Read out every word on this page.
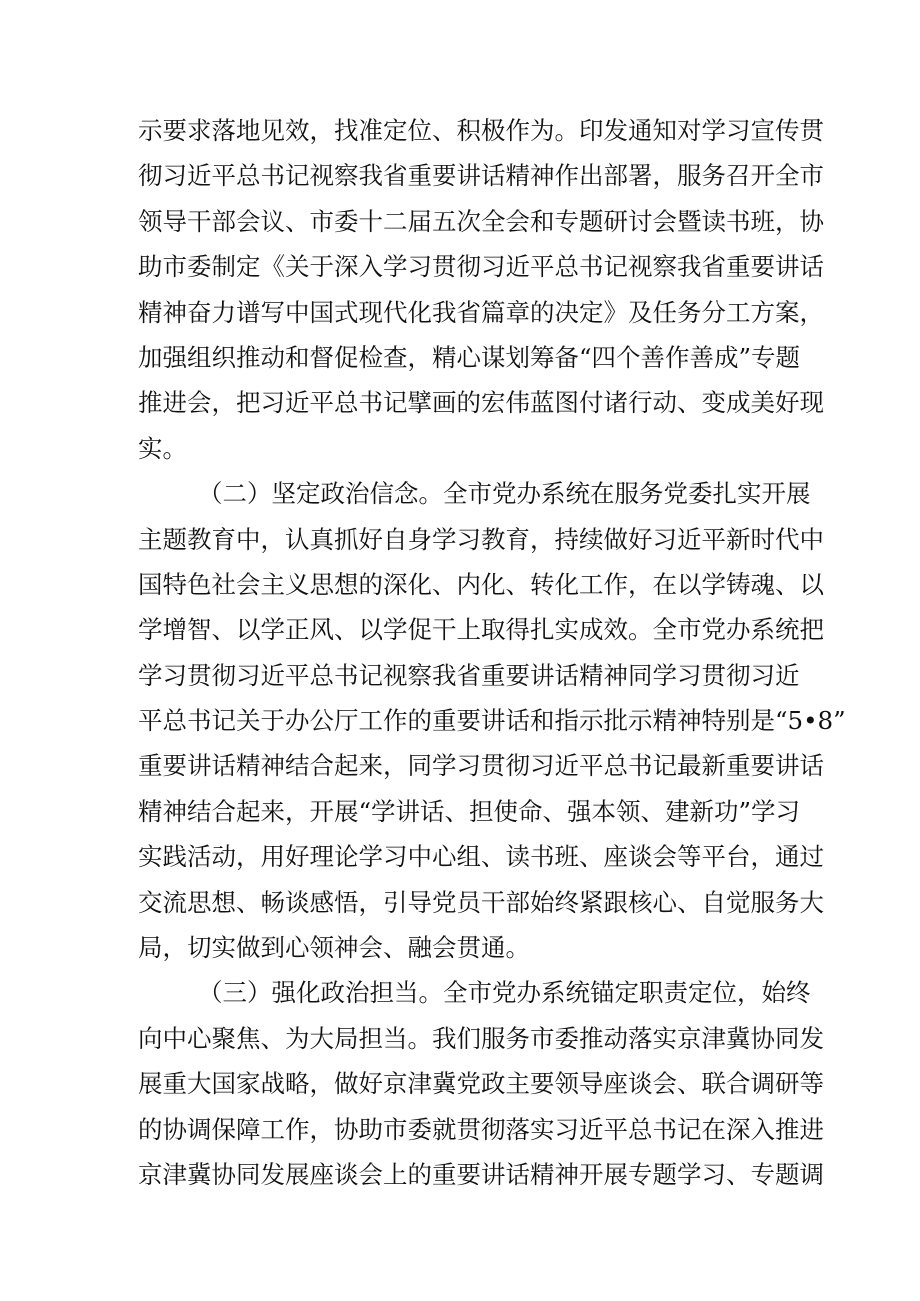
示要求落地见效，找准定位、积极作为。印发通知对学习宣传贯
彻习近平总书记视察我省重要讲话精神作出部署，服务召开全市
领导干部会议、市委十二届五次全会和专题研讨会暨读书班，协
助市委制定《关于深入学习贯彻习近平总书记视察我省重要讲话
精神奋力谱写中国式现代化我省篇章的决定》及任务分工方案，
加强组织推动和督促检查，精心谋划筹备“四个善作善成”专题
推进会，把习近平总书记擘画的宏伟蓝图付诸行动、变成美好现
实。
（二）坚定政治信念。全市党办系统在服务党委扎实开展
主题教育中，认真抓好自身学习教育，持续做好习近平新时代中
国特色社会主义思想的深化、内化、转化工作，在以学铸魂、以
学增智、以学正风、以学促干上取得扎实成效。全市党办系统把
学习贯彻习近平总书记视察我省重要讲话精神同学习贯彻习近
平总书记关于办公厅工作的重要讲话和指示批示精神特别是“5•8”
重要讲话精神结合起来，同学习贯彻习近平总书记最新重要讲话
精神结合起来，开展“学讲话、担使命、强本领、建新功”学习
实践活动，用好理论学习中心组、读书班、座谈会等平台，通过
交流思想、畅谈感悟，引导党员干部始终紧跟核心、自觉服务大
局，切实做到心领神会、融会贯通。
（三）强化政治担当。全市党办系统锚定职责定位，始终
向中心聚焦、为大局担当。我们服务市委推动落实京津冀协同发
展重大国家战略，做好京津冀党政主要领导座谈会、联合调研等
的协调保障工作，协助市委就贯彻落实习近平总书记在深入推进
京津冀协同发展座谈会上的重要讲话精神开展专题学习、专题调
